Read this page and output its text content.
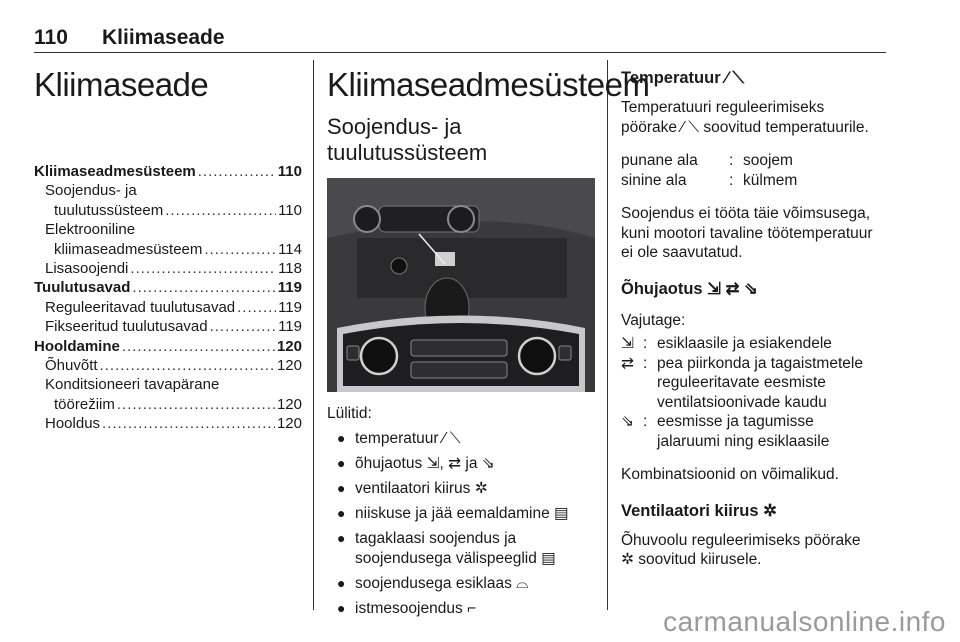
110 Kliimaseade
Kliimaseade
Kliimaseadmesüsteem .....	110
Soojendus- ja
tuulutussüsteem .....	110
Elektrooniline
kliimaseadmesüsteem .....	114
Lisasoojendi .....	118
Tuulutusavad .....	119
Reguleeritavad tuulutusavad .....	119
Fikseeritud tuulutusavad .....	119
Hooldamine .....	120
Õhuvõtt .....	120
Konditsioneeri tavapärane
töörežiim .....	120
Hooldus .....	120
Kliimaseadmesüsteem
Soojendus- ja
tuulutussüsteem
Lülitid:
● temperatuur ⁄ ⟍
● õhujaotus ⇲, ⇄ ja ⇘
● ventilaatori kiirus ✲
● niiskuse ja jää eemaldamine ▤
● tagaklaasi soojendus ja
soojendusega välispeeglid ▤
● soojendusega esiklaas ⌓
● istmesoojendus ⌐
Temperatuur ⁄ ⟍
Temperatuuri reguleerimiseks
pöörake ⁄ ⟍ soovitud temperatuurile.
punane ala	: soojem
sinine ala	: külmem
Soojendus ei tööta täie võimsusega,
kuni mootori tavaline töötemperatuur
ei ole saavutatud.
Õhujaotus ⇲ ⇄ ⇘
Vajutage:
⇲ : esiklaasile ja esiakendele
⇄ : pea piirkonda ja tagaistmetele
reguleeritavate eesmiste
ventilatsioonivade kaudu
⇘ : eesmisse ja tagumisse
jalaruumi ning esiklaasile
Kombinatsioonid on võimalikud.
Ventilaatori kiirus ✲
Õhuvoolu reguleerimiseks pöörake
✲ soovitud kiirusele.
carmanualsonline.info
